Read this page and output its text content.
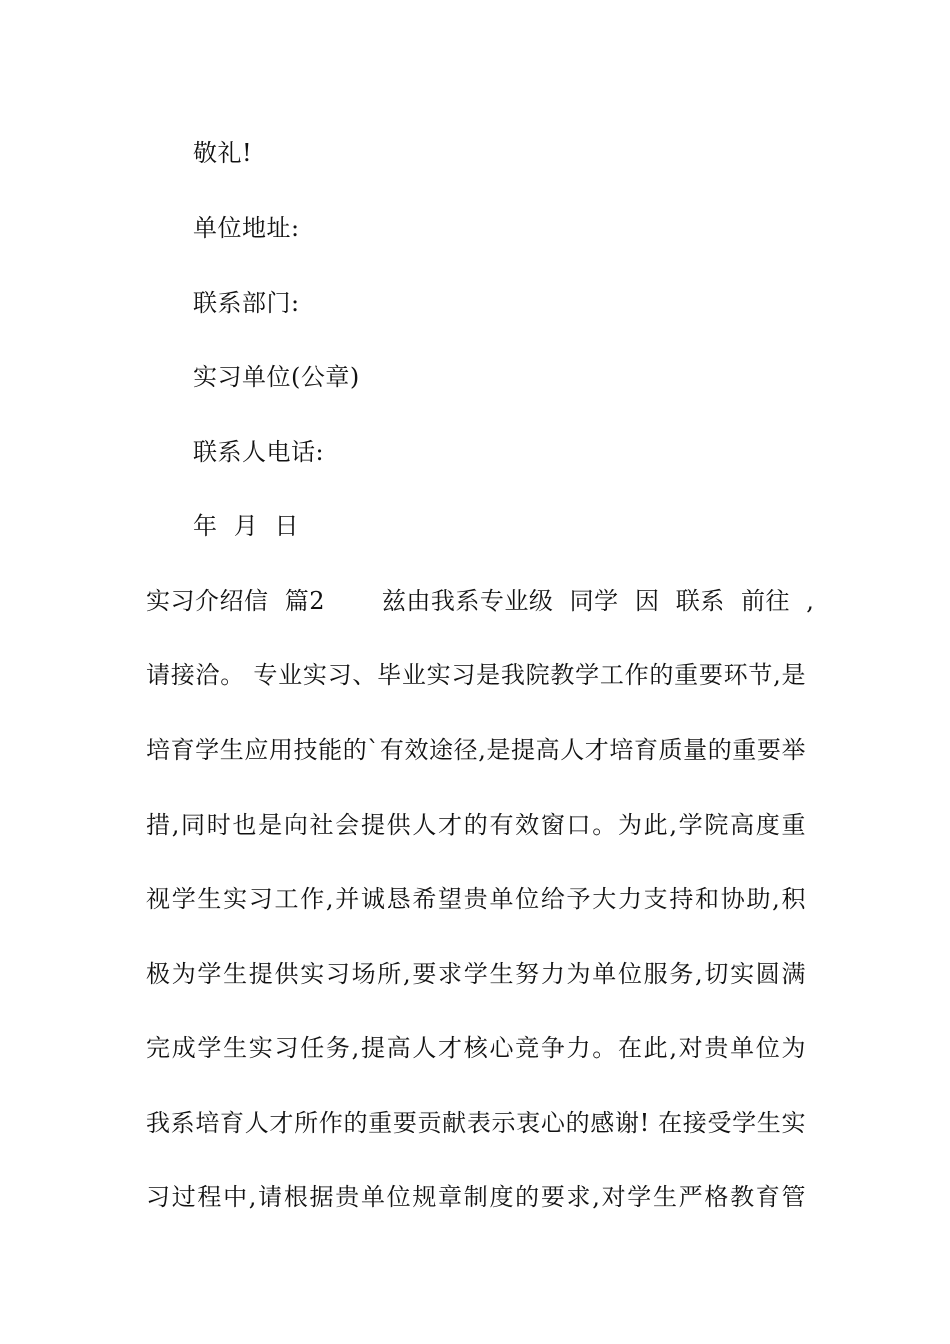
敬礼!
单位地址:
联系部门:
实习单位(公章)
联系人电话:
年  月  日
实习介绍信  篇2       兹由我系专业级  同学  因  联系  前往  ,
请接洽。 专业实习、毕业实习是我院教学工作的重要环节,是
培育学生应用技能的`有效途径,是提高人才培育质量的重要举
措,同时也是向社会提供人才的有效窗口。为此,学院高度重
视学生实习工作,并诚恳希望贵单位给予大力支持和协助,积
极为学生提供实习场所,要求学生努力为单位服务,切实圆满
完成学生实习任务,提高人才核心竞争力。在此,对贵单位为
我系培育人才所作的重要贡献表示衷心的感谢! 在接受学生实
习过程中,请根据贵单位规章制度的要求,对学生严格教育管
